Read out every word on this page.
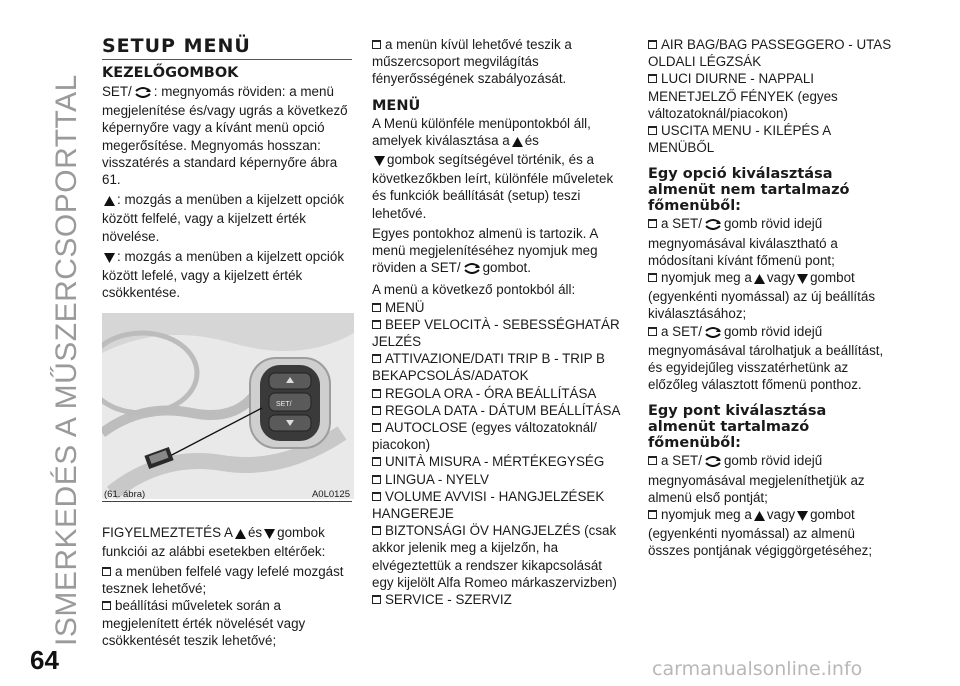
ISMERKEDÉS A MŰSZERCSOPORTTAL
64	carmanualsonline.info
SETUP MENÜ
KEZELŐGOMBOK

SET/ : megnyomás röviden: a menü megjelenítése és/vagy ugrás a következő képernyőre vagy a kívánt menü opció megerősítése. Megnyomás hosszan: visszatérés a standard képernyőre ábra 61.

: mozgás a menüben a kijelzett opciók között felfelé, vagy a kijelzett érték növelése.

: mozgás a menüben a kijelzett opciók között lefelé, vagy a kijelzett érték csökkentése.

SET/
(61. ábra)	A0L0125

FIGYELMEZTETÉS A és gombok funkciói az alábbi esetekben eltérőek:

a menüben felfelé vagy lefelé mozgást tesznek lehetővé;
beállítási műveletek során a megjelenített érték növelését vagy csökkentését teszik lehetővé;
a menün kívül lehetővé teszik a műszercsoport megvilágítás fényerősségének szabályozását.
MENÜ

A Menü különféle menüpontokból áll, amelyek kiválasztása a és
gombok segítségével történik, és a következőkben leírt, különféle műveletek és funkciók beállítását (setup) teszi lehetővé.

Egyes pontokhoz almenü is tartozik. A menü megjelenítéséhez nyomjuk meg röviden a SET/ gombot.

A menü a következő pontokból áll:

MENÜ
BEEP VELOCITÀ - SEBESSÉGHATÁR JELZÉS
ATTIVAZIONE/DATI TRIP B - TRIP B BEKAPCSOLÁS/ADATOK
REGOLA ORA - ÓRA BEÁLLÍTÁSA
REGOLA DATA - DÁTUM BEÁLLÍTÁSA
AUTOCLOSE (egyes változatoknál/ piacokon)
UNITÀ MISURA - MÉRTÉKEGYSÉG
LINGUA - NYELV
VOLUME AVVISI - HANGJELZÉSEK HANGEREJE
BIZTONSÁGI ÖV HANGJELZÉS (csak akkor jelenik meg a kijelzőn, ha elvégeztettük a rendszer kikapcsolását egy kijelölt Alfa Romeo márkaszervizben)
SERVICE - SZERVIZ
AIR BAG/BAG PASSEGGERO - UTAS OLDALI LÉGZSÁK
LUCI DIURNE - NAPPALI MENETJELZŐ FÉNYEK (egyes változatoknál/piacokon)
USCITA MENU - KILÉPÉS A MENÜBŐL
Egy opció kiválasztása almenüt nem tartalmazó főmenüből:
a SET/ gomb rövid idejű megnyomásával kiválasztható a módosítani kívánt főmenü pont;
nyomjuk meg a vagy gombot (egyenkénti nyomással) az új beállítás kiválasztásához;
a SET/ gomb rövid idejű megnyomásával tárolhatjuk a beállítást, és egyidejűleg visszatérhetünk az előzőleg választott főmenü ponthoz.
Egy pont kiválasztása almenüt tartalmazó főmenüből:
a SET/ gomb rövid idejű megnyomásával megjeleníthetjük az almenü első pontját;
nyomjuk meg a vagy gombot (egyenkénti nyomással) az almenü összes pontjának végiggörgetéséhez;
